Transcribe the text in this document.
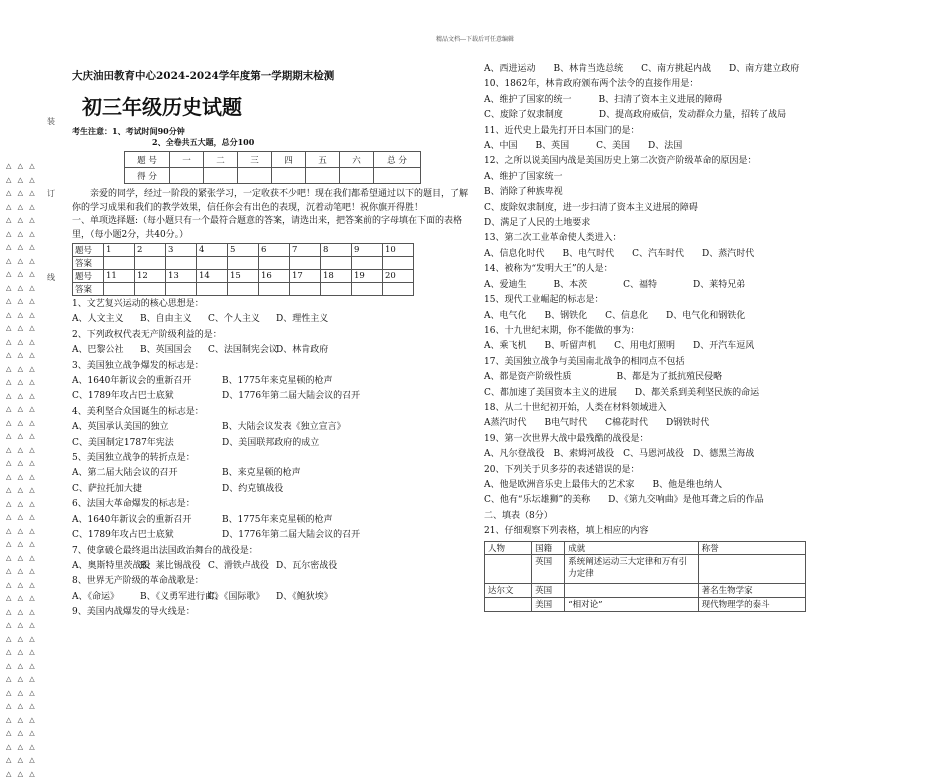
精品文档---下载后可任意编辑
装
订
线
△ △ △ △ △ △ △ △ △ △ △ △ △ △ △ △ △ △ △ △ △ △ △ △ △ △ △ △ △ △ △ △ △ △ △ △ △ △ △ △ △ △ △ △ △ △ △ △ △ △ △ △ △ △ △ △ △ △ △ △ △ △ △ △ △ △ △ △ △ △ △ △ △ △ △ △ △ △ △ △ △ △ △ △ △ △ △ △ △ △ △ △ △ △ △ △ △ △ △ △ △ △ △ △ △ △ △ △ △ △ △ △ △ △ △ △ △ △ △ △ △ △ △ △ △ △ △ △ △ △ △ △ △ △ △ △ △ △
大庆油田教育中心2024-2024学年度第一学期期末检测
初三年级历史试题
考生注意：1、考试时间90分钟
2、全卷共五大题，总分100
题 号	一	二	三	四	五	六	总 分
得 分							
亲爱的同学，经过一阶段的紧张学习，一定收获不少吧！现在我们都希望通过以下的题目，了解你的学习成果和我们的教学效果，信任你会有出色的表现，沉着动笔吧！祝你旗开得胜！
一、单项选择题:（每小题只有一个最符合题意的答案，请选出来，把答案前的字母填在下面的表格里，（每小题2分，共40分。）
题号	1	2	3	4	5	6	7	8	9	10
答案										
题号	11	12	13	14	15	16	17	18	19	20
答案										
1、文艺复兴运动的核心思想是：
A、人文主义 B、自由主义 C、个人主义 D、理性主义
2、下列政权代表无产阶级利益的是：
A、巴黎公社 B、英国国会 C、法国制宪会议D、林肯政府
3、美国独立战争爆发的标志是：
A、1640年新议会的重新召开	B、1775年来克星顿的枪声
C、1789年攻占巴士底狱	D、1776年第二届大陆会议的召开
4、美利坚合众国诞生的标志是：
A、英国承认美国的独立	B、大陆会议发表《独立宣言》
C、美国制定1787年宪法	D、美国联邦政府的成立
5、美国独立战争的转折点是：
A、第二届大陆会议的召开	B、来克星顿的枪声
C、萨拉托加大捷	D、约克镇战役
6、法国大革命爆发的标志是：
A、1640年新议会的重新召开	B、1775年来克星顿的枪声
C、1789年攻占巴士底狱	D、1776年第二届大陆会议的召开
7、使拿破仑最终退出法国政治舞台的战役是：
A、奥斯特里茨战役B、莱比锡战役 C、滑铁卢战役 D、瓦尔密战役
8、世界无产阶级的革命战歌是：
A、《命运》 B、《义勇军进行曲》C、《国际歌》 D、《鲍狄埃》
9、美国内战爆发的导火线是：
A、西进运动　　B、林肯当选总统　　C、南方挑起内战　　D、南方建立政府
10、1862年，林肯政府颁布两个法令的直接作用是：
A、维护了国家的统一　　　B、扫清了资本主义进展的障碍
C、废除了奴隶制度　　　　D、提高政府威信，发动群众力量，招转了战局
11、近代史上最先打开日本国门的是：
A、中国　　B、英国　　　C、美国　　D、法国
12、之所以说美国内战是美国历史上第二次资产阶级革命的原因是：
A、维护了国家统一
B、消除了种族卑视
C、废除奴隶制度，进一步扫清了资本主义进展的障碍
D、满足了人民的土地要求
13、第二次工业革命使人类进入：
A、信息化时代　　B、电气时代　　C、汽车时代　　D、蒸汽时代
14、被称为“发明大王”的人是：
A、爱迪生　　　B、本茨　　　　C、福特　　　　D、莱特兄弟
15、现代工业崛起的标志是：
A、电气化　　B、钢铁化　　C、信息化　　D、电气化和钢铁化
16、十九世纪末期，你不能做的事为：
A、乘飞机　　B、听留声机　　C、用电灯照明　　D、开汽车逗风
17、美国独立战争与美国南北战争的相同点不包括
A、都是资产阶级性质　　　　　B、都是为了抵抗殖民侵略
C、都加速了美国资本主义的进展　　D、都关系到美利坚民族的命运
18、从二十世纪初开始，人类在材料领域进入
A蒸汽时代　　B电气时代　　C棉花时代　　D钢铁时代
19、第一次世界大战中最残酷的战役是：
A、凡尔登战役　B、索姆河战役　C、马恩河战役　D、德黑兰海战
20、下列关于贝多芬的表述错误的是：
A、他是欧洲音乐史上最伟大的艺术家　　B、他是维也纳人
C、他有“乐坛雄狮”的美称　　D、《第九交响曲》是他耳聋之后的作品
二、填表（8分）
21、仔细观察下列表格，填上相应的内容
人物	国籍	成就	称誉
	英国	系统阐述运动三大定律和万有引力定律	
达尔文	英国		著名生物学家
	美国	“相对论”	现代物理学的泰斗
